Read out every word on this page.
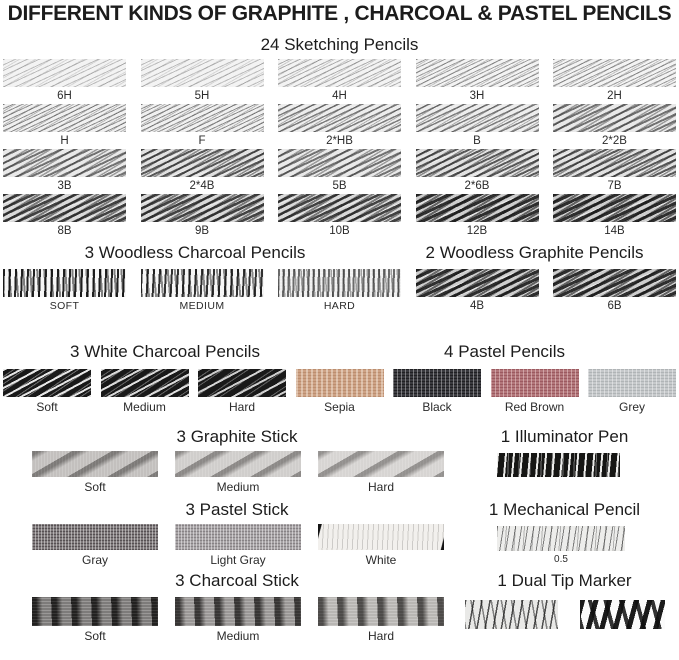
DIFFERENT KINDS OF GRAPHITE , CHARCOAL & PASTEL PENCILS
24 Sketching Pencils
6H	5H	4H	3H	2H
H	F	2*HB	B	2*2B
3B	2*4B	5B	2*6B	7B
8B	9B	10B	12B	14B
3 Woodless Charcoal Pencils	2 Woodless Graphite Pencils
SOFT	MEDIUM	HARD	4B	6B
3 White Charcoal Pencils	4 Pastel Pencils
Soft	Medium	Hard	Sepia	Black	Red Brown	Grey
3 Graphite Stick	1 Illuminator Pen
Soft	Medium	Hard
3 Pastel Stick	1 Mechanical Pencil
Gray	Light Gray	White	0.5
3 Charcoal Stick	1 Dual Tip Marker
Soft	Medium	Hard
